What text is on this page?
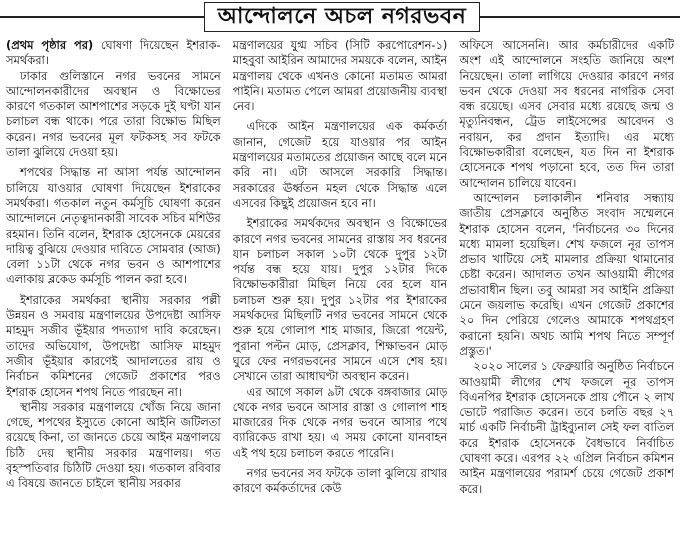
আন্দোলনে অচল নগরভবন

(প্রথম পৃষ্ঠার পর) ঘোষণা দিয়েছেন ইশরাক-সমর্থকরা।

ঢাকার গুলিস্তানে নগর ভবনের সামনে আন্দোলনকারীদের অবস্থান ও বিক্ষোভের কারণে গতকাল আশপাশের সড়কে দুই ঘণ্টা যান চলাচল বন্ধ থাকে। পরে তারা বিক্ষোভ মিছিল করেন। নগর ভবনের মূল ফটকসহ সব ফটকে তালা ঝুলিয়ে দেওয়া হয়।

শপথের সিদ্ধান্ত না আসা পর্যন্ত আন্দোলন চালিয়ে যাওয়ার ঘোষণা দিয়েছেন ইশরাকের সমর্থকরা। গতকাল নতুন কর্মসূচি ঘোষণা করেন আন্দোলনে নেতৃত্বদানকারী সাবেক সচিব মশিউর রহমান। তিনি বলেন, ইশরাক হোসেনকে মেয়রের দায়িত্ব বুঝিয়ে দেওয়ার দাবিতে সোমবার (আজ) বেলা ১১টা থেকে নগর ভবন ও আশপাশের এলাকায় ব্লকেড কর্মসূচি পালন করা হবে।

ইশরাকের সমর্থকরা স্থানীয় সরকার পল্লী উন্নয়ন ও সমবায় মন্ত্রণালয়ের উপদেষ্টা আসিফ মাহমুদ সজীব ভূঁইয়ার পদত্যাগ দাবি করেছেন। তাদের অভিযোগ, উপদেষ্টা আসিফ মাহমুদ সজীব ভূঁইয়ার কারণেই আদালতের রায় ও নির্বাচন কমিশনের গেজেট প্রকাশের পরও ইশরাক হোসেন শপথ নিতে পারছেন না।

স্থানীয় সরকার মন্ত্রণালয়ে খোঁজ নিয়ে জানা গেছে, শপথের ইস্যুতে কোনো আইনি জটিলতা রয়েছে কিনা, তা জানতে চেয়ে আইন মন্ত্রণালয়ে চিঠি দেয় স্থানীয় সরকার মন্ত্রণালয়। গত বৃহস্পতিবার চিঠিটি দেওয়া হয়। গতকাল রবিবার এ বিষয়ে জানতে চাইলে স্থানীয় সরকার

মন্ত্রণালয়ের যুগ্ম সচিব (সিটি করপোরেশন-১) মাহবুবা আইরিন আমাদের সময়কে বলেন, আইন মন্ত্রণালয় থেকে এখনও কোনো মতামত আমরা পাইনি। মতামত পেলে আমরা প্রয়োজনীয় ব্যবস্থা নেব।

এদিকে আইন মন্ত্রণালয়ের এক কর্মকর্তা জানান, গেজেট হয়ে যাওয়ার পর আইন মন্ত্রণালয়ের মতামতের প্রয়োজন আছে বলে মনে করি না। এটা আসলে সরকারি সিদ্ধান্ত। সরকারের ঊর্ধ্বতন মহল থেকে সিদ্ধান্ত এলে এসবের কিছুই প্রয়োজন হবে না।

ইশরাকের সমর্থকদের অবস্থান ও বিক্ষোভের কারণে নগর ভবনের সামনের রাস্তায় সব ধরনের যান চলাচল সকাল ১০টা থেকে দুপুর ১২টা পর্যন্ত বন্ধ হয়ে যায়। দুপুর ১২টার দিকে বিক্ষোভকারীরা মিছিল নিয়ে বের হলে যান চলাচল শুরু হয়। দুপুর ১২টার পর ইশরাকের সমর্থকদের মিছিলটি নগর ভবনের সামনে থেকে শুরু হয়ে গোলাপ শাহ মাজার, জিরো পয়েন্ট, পুরানা পল্টন মোড়, প্রেসক্লাব, শিক্ষাভবন মোড় ঘুরে ফের নগরভবনের সামনে এসে শেষ হয়। সেখানে তারা আধাঘণ্টা অবস্থান করেন।

এর আগে সকাল ৯টা থেকে বঙ্গবাজার মোড় থেকে নগর ভবনে আসার রাস্তা ও গোলাপ শাহ মাজারের দিক থেকে নগর ভবনে আসার পথে ব্যারিকেড রাখা হয়। এ সময় কোনো যানবাহন এই পথ হয়ে চলাচল করতে পারেনি।

নগর ভবনের সব ফটকে তালা ঝুলিয়ে রাখার কারণে কর্মকর্তাদের কেউ

অফিসে আসেননি। আর কর্মচারীদের একটি অংশ এই আন্দোলনে সংহতি জানিয়ে অংশ নিয়েছেন। তালা লাগিয়ে দেওয়ার কারণে নগর ভবন থেকে দেওয়া সব ধরনের নাগরিক সেবা বন্ধ রয়েছে। এসব সেবার মধ্যে রয়েছে জন্ম ও মৃত্যুনিবন্ধন, ট্রেড লাইসেন্সের আবেদন ও নবায়ন, কর প্রদান ইত্যাদি। এর মধ্যে বিক্ষোভকারীরা বলেছেন, যত দিন না ইশরাক হোসেনকে শপথ পড়ানো হবে, তত দিন তারা আন্দোলন চালিয়ে যাবেন।

আন্দোলন চলাকালীন শনিবার সন্ধ্যায় জাতীয় প্রেসক্লাবে অনুষ্ঠিত সংবাদ সম্মেলনে ইশরাক হোসেন বলেন, 'নির্বাচনের ৩০ দিনের মধ্যে মামলা হয়েছিল। শেখ ফজলে নূর তাপস প্রভাব খাটিয়ে সেই মামলার প্রক্রিয়া থামানোর চেষ্টা করেন। আদালত তখন আওয়ামী লীগের প্রভাবাধীন ছিল। তবু আমরা সব আইনি প্রক্রিয়া মেনে জয়লাভ করেছি। এখন গেজেট প্রকাশের ২০ দিন পেরিয়ে গেলেও আমাকে শপথগ্রহণ করানো হয়নি। অথচ আমি শপথ নিতে সম্পূর্ণ প্রস্তুত।'

২০২০ সালের ১ ফেব্রুয়ারি অনুষ্ঠিত নির্বাচনে আওয়ামী লীগের শেখ ফজলে নূর তাপস বিএনপির ইশরাক হোসেনকে প্রায় পৌনে ২ লাখ ভোটে পরাজিত করেন। তবে চলতি বছর ২৭ মার্চ একটি নির্বাচনী ট্রাইব্যুনাল সেই ফল বাতিল করে ইশরাক হোসেনকে বৈধভাবে নির্বাচিত ঘোষণা করে। এরপর ২২ এপ্রিল নির্বাচন কমিশন আইন মন্ত্রণালয়ের পরামর্শ চেয়ে গেজেট প্রকাশ করে।
